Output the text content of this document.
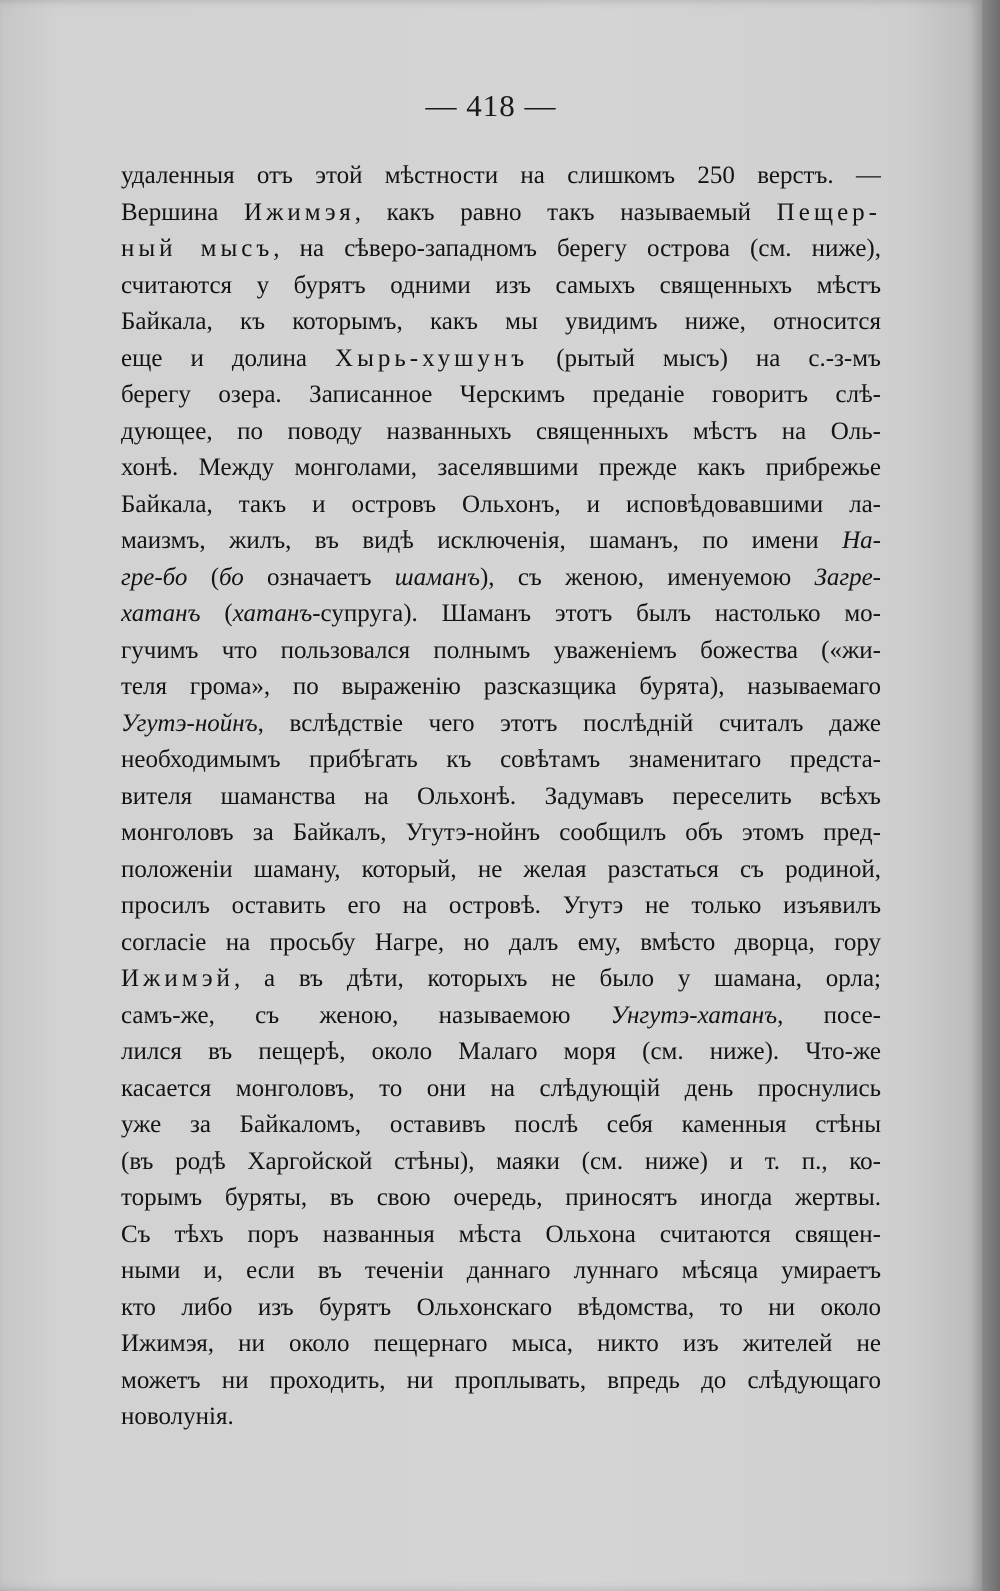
— 418 —
удаленныя отъ этой мѣстности на слишкомъ 250 верстъ. —
Вершина Ижимэя, какъ равно такъ называемый Пещер-
ный мысъ, на сѣверо-западномъ берегу острова (см. ниже),
считаются у бурятъ одними изъ самыхъ священныхъ мѣстъ
Байкала, къ которымъ, какъ мы увидимъ ниже, относится
еще и долина Хырь-хушунъ (рытый мысъ) на с.-з-мъ
берегу озера. Записанное Черскимъ преданіе говоритъ слѣ-
дующее, по поводу названныхъ священныхъ мѣстъ на Оль-
хонѣ. Между монголами, заселявшими прежде какъ прибрежье
Байкала, такъ и островъ Ольхонъ, и исповѣдовавшими ла-
маизмъ, жилъ, въ видѣ исключенія, шаманъ, по имени На-
гре-бо (бо означаетъ шаманъ), съ женою, именуемою Загре-
хатанъ (хатанъ-супруга). Шаманъ этотъ былъ настолько мо-
гучимъ что пользовался полнымъ уваженіемъ божества («жи-
теля грома», по выраженію разсказщика бурята), называемаго
Угутэ-нойнъ, вслѣдствіе чего этотъ послѣдній считалъ даже
необходимымъ прибѣгать къ совѣтамъ знаменитаго предста-
вителя шаманства на Ольхонѣ. Задумавъ переселить всѣхъ
монголовъ за Байкалъ, Угутэ-нойнъ сообщилъ объ этомъ пред-
положеніи шаману, который, не желая разстаться съ родиной,
просилъ оставить его на островѣ. Угутэ не только изъявилъ
согласіе на просьбу Нагре, но далъ ему, вмѣсто дворца, гору
Ижимэй, а въ дѣти, которыхъ не было у шамана, орла;
самъ-же, съ женою, называемою Унгутэ-хатанъ, посе-
лился въ пещерѣ, около Малаго моря (см. ниже). Что-же
касается монголовъ, то они на слѣдующій день проснулись
уже за Байкаломъ, оставивъ послѣ себя каменныя стѣны
(въ родѣ Харгойской стѣны), маяки (см. ниже) и т. п., ко-
торымъ буряты, въ свою очередь, приносятъ иногда жертвы.
Съ тѣхъ поръ названныя мѣста Ольхона считаются священ-
ными и, если въ теченіи даннаго луннаго мѣсяца умираетъ
кто либо изъ бурятъ Ольхонскаго вѣдомства, то ни около
Ижимэя, ни около пещернаго мыса, никто изъ жителей не
можетъ ни проходить, ни проплывать, впредь до слѣдующаго
новолунія.
